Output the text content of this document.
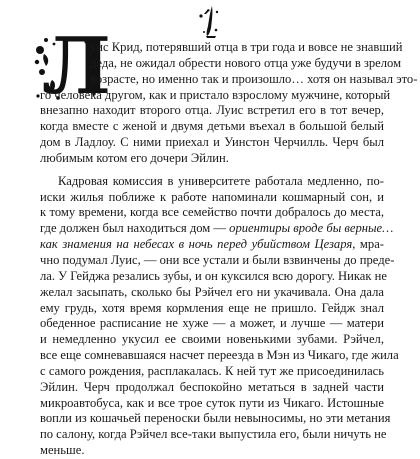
Л
уис Крид, потерявший отца в три года и вовсе не знавший
деда, не ожидал обрести нового отца уже будучи в зрелом
возрасте, но именно так и произошло… хотя он называл это-
го человека другом, как и пристало взрослому мужчине, который
внезапно находит второго отца. Луис встретил его в тот вечер,
когда вместе с женой и двумя детьми въехал в большой белый
дом в Ладлоу. С ними приехал и Уинстон Черчилль. Черч был
любимым котом его дочери Эйлин.
Кадровая комиссия в университете работала медленно, по-
иски жилья поближе к работе напоминали кошмарный сон, и
к тому времени, когда все семейство почти добралось до места,
где должен был находиться дом — ориентиры вроде бы верные…
как знамения на небесах в ночь перед убийством Цезаря, мра-
чно подумал Луис, — они все устали и были взвинчены до преде-
ла. У Гейджа резались зубы, и он куксился всю дорогу. Никак не
желал засыпать, сколько бы Рэйчел его ни укачивала. Она дала
ему грудь, хотя время кормления еще не пришло. Гейдж знал
обеденное расписание не хуже — а может, и лучше — матери
и немедленно укусил ее своими новенькими зубами. Рэйчел,
все еще сомневавшаяся насчет переезда в Мэн из Чикаго, где жила
с самого рождения, расплакалась. К ней тут же присоединилась
Эйлин. Черч продолжал беспокойно метаться в задней части
микроавтобуса, как и все трое суток пути из Чикаго. Истошные
вопли из кошачьей переноски были невыносимы, но эти метания
по салону, когда Рэйчел все-таки выпустила его, были ничуть не
меньше.
